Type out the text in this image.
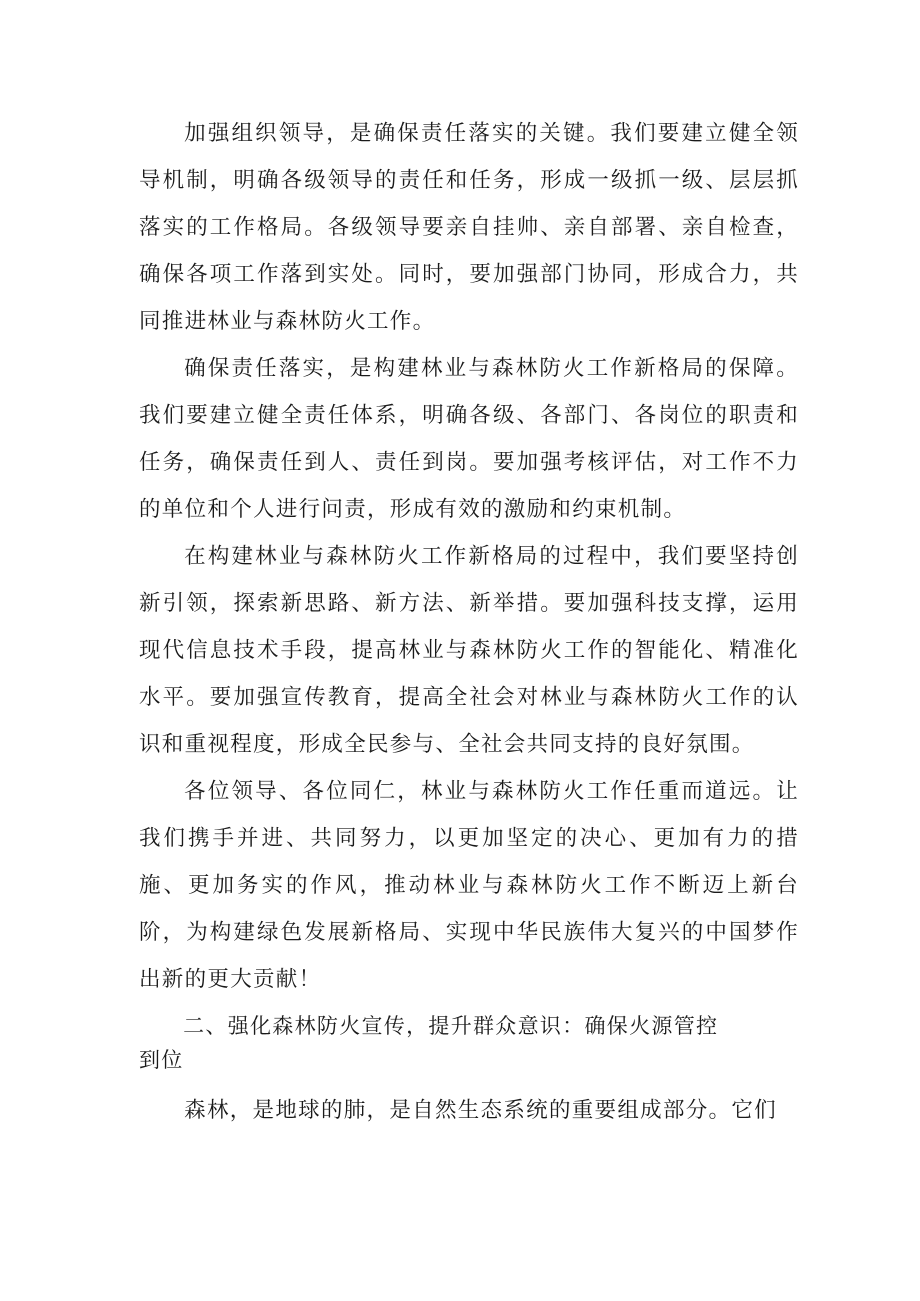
加强组织领导，是确保责任落实的关键。我们要建立健全领导机制，明确各级领导的责任和任务，形成一级抓一级、层层抓落实的工作格局。各级领导要亲自挂帅、亲自部署、亲自检查，确保各项工作落到实处。同时，要加强部门协同，形成合力，共同推进林业与森林防火工作。

确保责任落实，是构建林业与森林防火工作新格局的保障。我们要建立健全责任体系，明确各级、各部门、各岗位的职责和任务，确保责任到人、责任到岗。要加强考核评估，对工作不力的单位和个人进行问责，形成有效的激励和约束机制。

在构建林业与森林防火工作新格局的过程中，我们要坚持创新引领，探索新思路、新方法、新举措。要加强科技支撑，运用现代信息技术手段，提高林业与森林防火工作的智能化、精准化水平。要加强宣传教育，提高全社会对林业与森林防火工作的认识和重视程度，形成全民参与、全社会共同支持的良好氛围。

各位领导、各位同仁，林业与森林防火工作任重而道远。让我们携手并进、共同努力，以更加坚定的决心、更加有力的措施、更加务实的作风，推动林业与森林防火工作不断迈上新台阶，为构建绿色发展新格局、实现中华民族伟大复兴的中国梦作出新的更大贡献！

二、强化森林防火宣传，提升群众意识：确保火源管控到位

森林，是地球的肺，是自然生态系统的重要组成部分。它们
